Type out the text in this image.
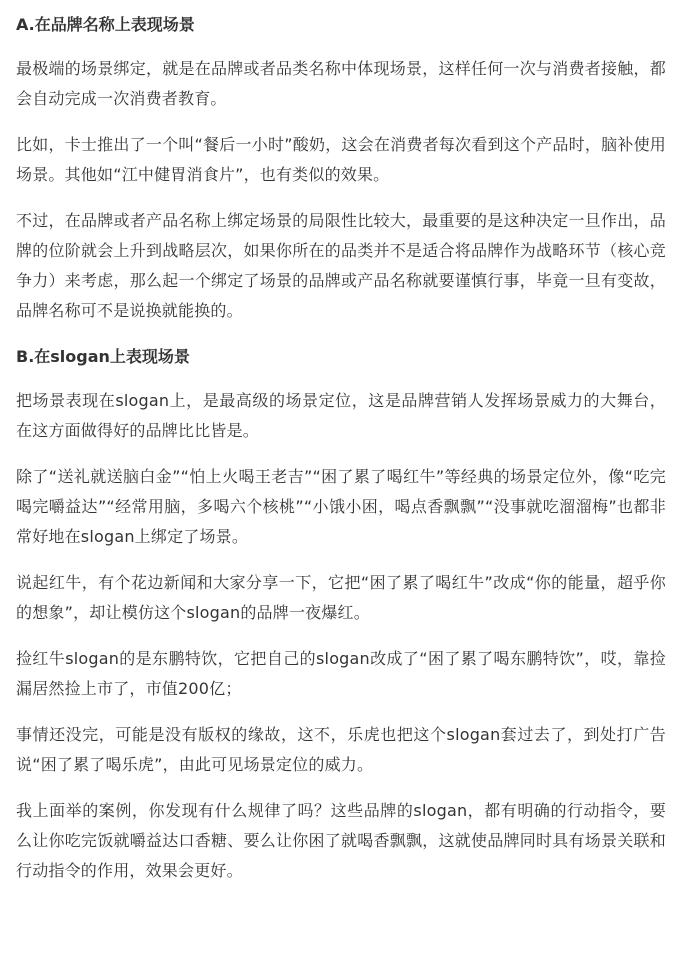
A.在品牌名称上表现场景

最极端的场景绑定，就是在品牌或者品类名称中体现场景，这样任何一次与消费者接触，都会自动完成一次消费者教育。

比如，卡士推出了一个叫“餐后一小时”酸奶，这会在消费者每次看到这个产品时，脑补使用场景。其他如“江中健胃消食片”，也有类似的效果。

不过，在品牌或者产品名称上绑定场景的局限性比较大，最重要的是这种决定一旦作出，品牌的位阶就会上升到战略层次，如果你所在的品类并不是适合将品牌作为战略环节（核心竞争力）来考虑，那么起一个绑定了场景的品牌或产品名称就要谨慎行事，毕竟一旦有变故，品牌名称可不是说换就能换的。

B.在slogan上表现场景

把场景表现在slogan上，是最高级的场景定位，这是品牌营销人发挥场景威力的大舞台，在这方面做得好的品牌比比皆是。

除了“送礼就送脑白金”“怕上火喝王老吉”“困了累了喝红牛”等经典的场景定位外，像“吃完喝完嚼益达”“经常用脑，多喝六个核桃”“小饿小困，喝点香飘飘”“没事就吃溜溜梅”也都非常好地在slogan上绑定了场景。

说起红牛，有个花边新闻和大家分享一下，它把“困了累了喝红牛”改成“你的能量，超乎你的想象”，却让模仿这个slogan的品牌一夜爆红。

捡红牛slogan的是东鹏特饮，它把自己的slogan改成了“困了累了喝东鹏特饮”，哎，靠捡漏居然捡上市了，市值200亿；

事情还没完，可能是没有版权的缘故，这不，乐虎也把这个slogan套过去了，到处打广告说“困了累了喝乐虎”，由此可见场景定位的威力。

我上面举的案例，你发现有什么规律了吗？这些品牌的slogan，都有明确的行动指令，要么让你吃完饭就嚼益达口香糖、要么让你困了就喝香飘飘，这就使品牌同时具有场景关联和行动指令的作用，效果会更好。
